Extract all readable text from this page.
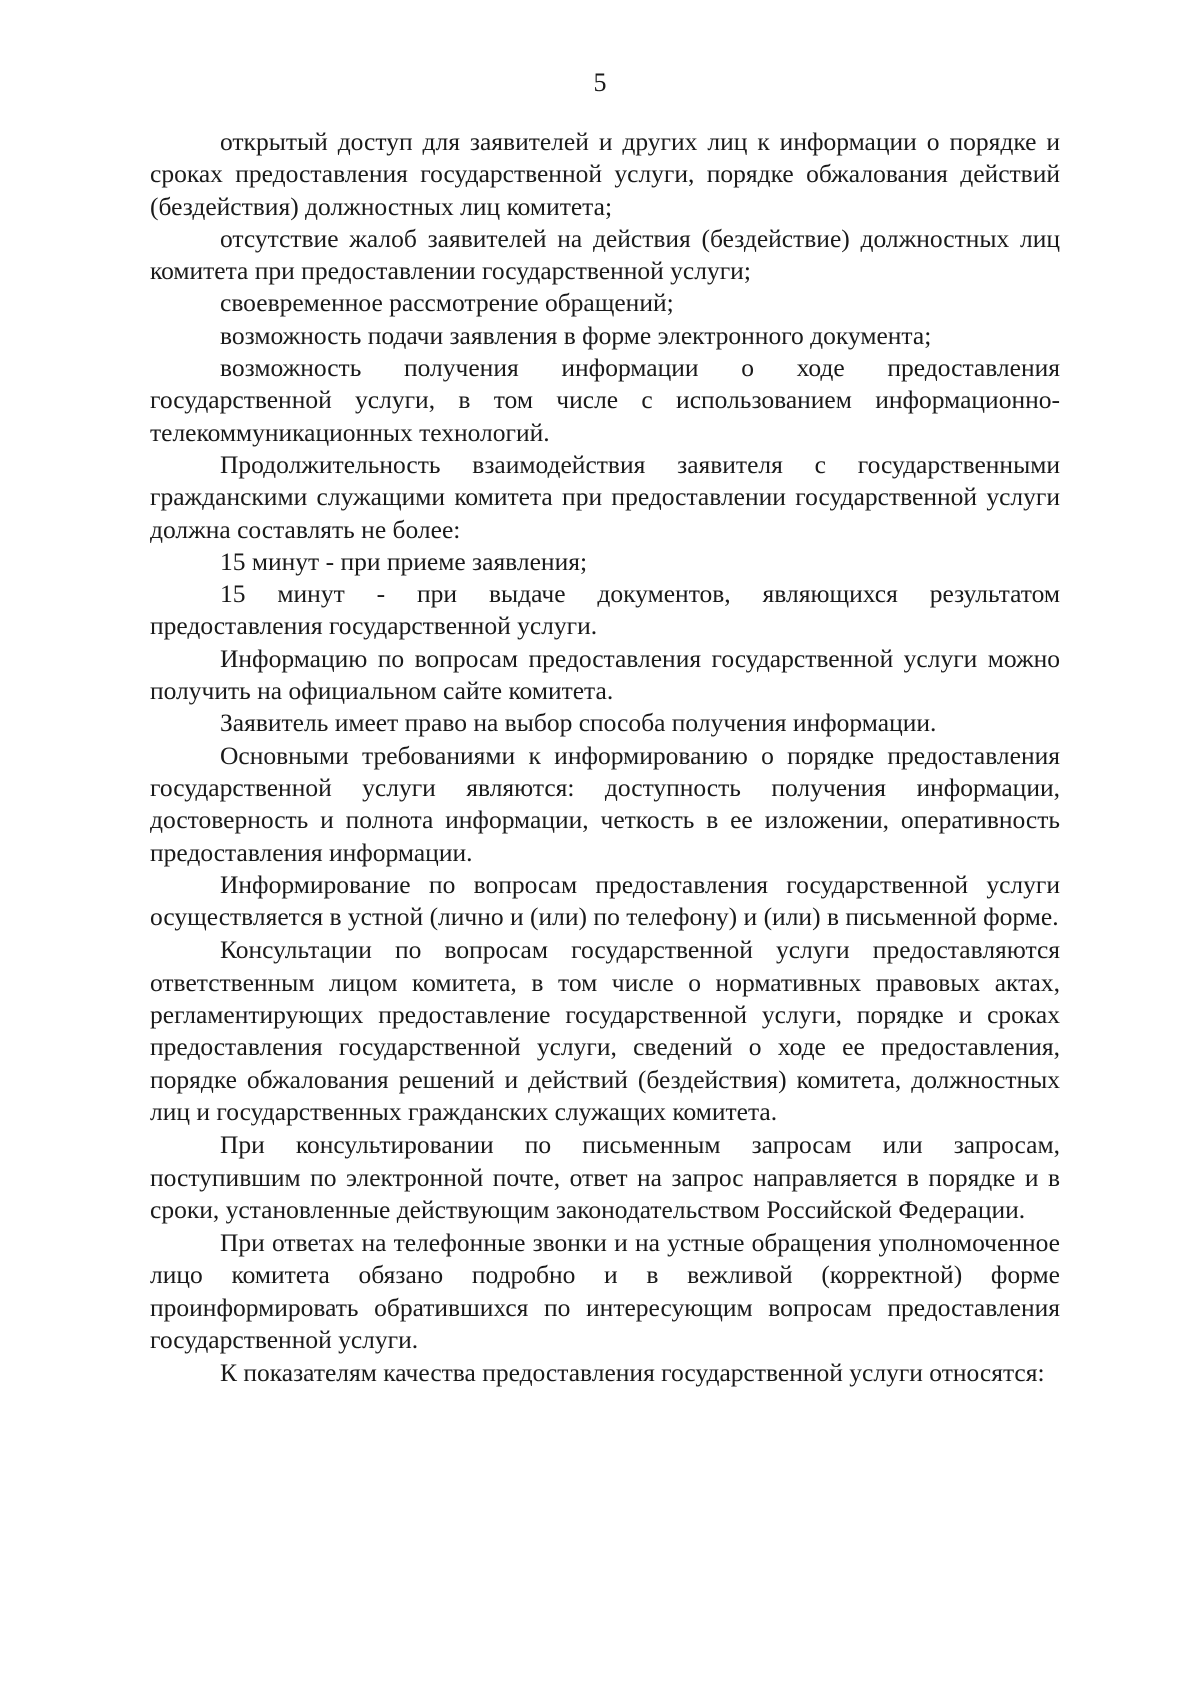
5

открытый доступ для заявителей и других лиц к информации о порядке и сроках предоставления государственной услуги, порядке обжалования действий (бездействия) должностных лиц комитета;

отсутствие жалоб заявителей на действия (бездействие) должностных лиц комитета при предоставлении государственной услуги;

своевременное рассмотрение обращений;

возможность подачи заявления в форме электронного документа;

возможность получения информации о ходе предоставления государственной услуги, в том числе с использованием информационно-телекоммуникационных технологий.

Продолжительность взаимодействия заявителя с государственными гражданскими служащими комитета при предоставлении государственной услуги должна составлять не более:

15 минут - при приеме заявления;

15 минут - при выдаче документов, являющихся результатом предоставления государственной услуги.

Информацию по вопросам предоставления государственной услуги можно получить на официальном сайте комитета.

Заявитель имеет право на выбор способа получения информации.

Основными требованиями к информированию о порядке предоставления государственной услуги являются: доступность получения информации, достоверность и полнота информации, четкость в ее изложении, оперативность предоставления информации.

Информирование по вопросам предоставления государственной услуги осуществляется в устной (лично и (или) по телефону) и (или) в письменной форме.

Консультации по вопросам государственной услуги предоставляются ответственным лицом комитета, в том числе о нормативных правовых актах, регламентирующих предоставление государственной услуги, порядке и сроках предоставления государственной услуги, сведений о ходе ее предоставления, порядке обжалования решений и действий (бездействия) комитета, должностных лиц и государственных гражданских служащих комитета.

При консультировании по письменным запросам или запросам, поступившим по электронной почте, ответ на запрос направляется в порядке и в сроки, установленные действующим законодательством Российской Федерации.

При ответах на телефонные звонки и на устные обращения уполномоченное лицо комитета обязано подробно и в вежливой (корректной) форме проинформировать обратившихся по интересующим вопросам предоставления государственной услуги.

К показателям качества предоставления государственной услуги относятся:
